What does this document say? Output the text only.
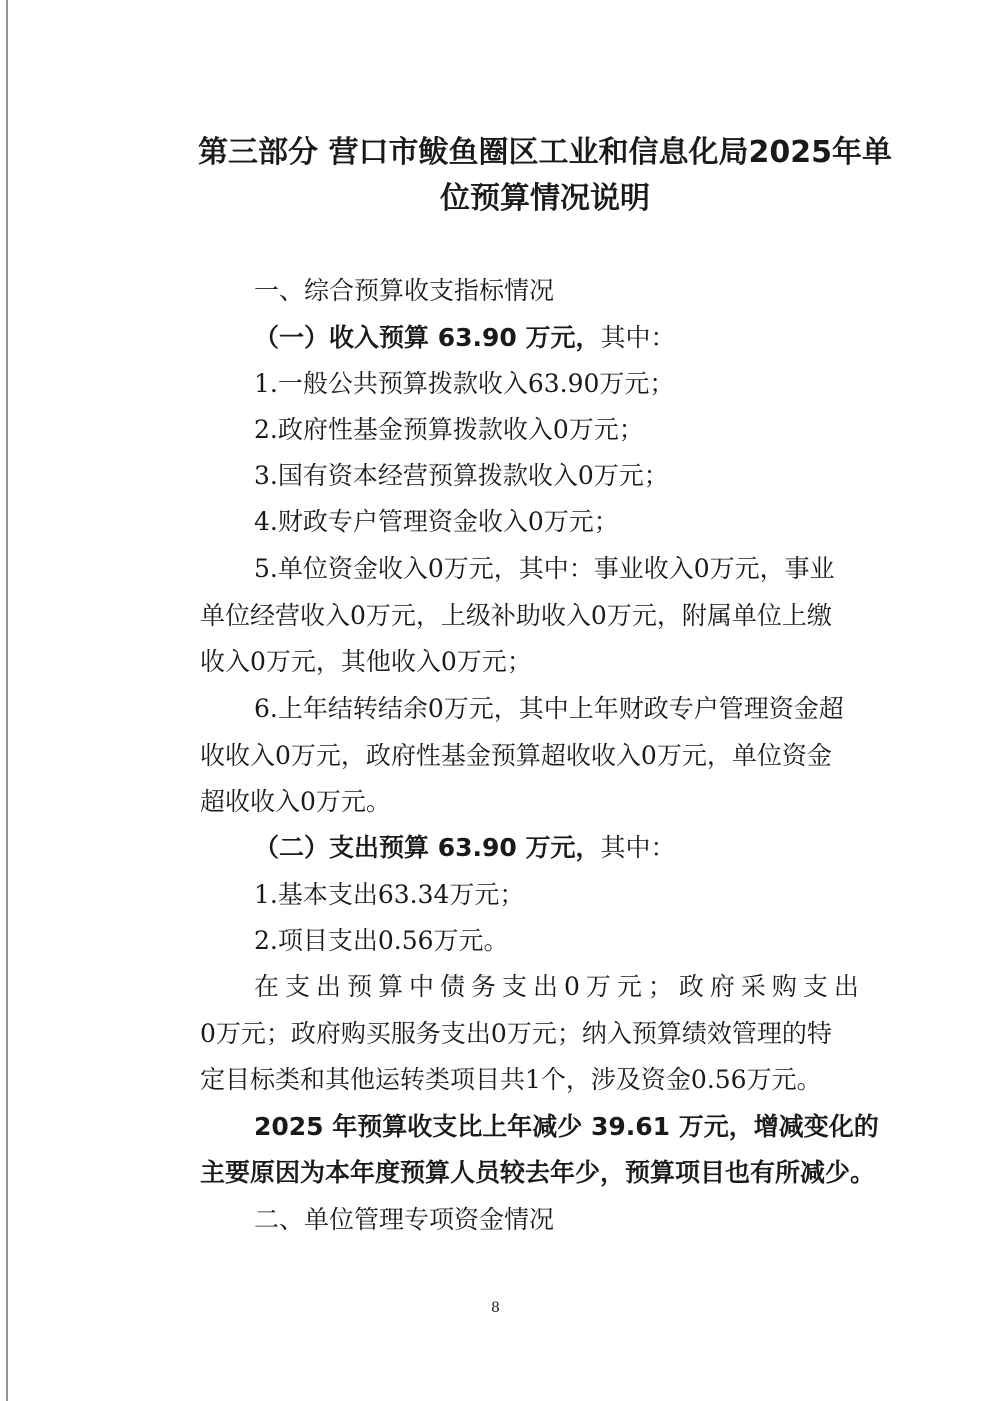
第三部分 营口市鲅鱼圈区工业和信息化局2025年单
位预算情况说明
一、综合预算收支指标情况
（一）收入预算 63.90 万元，其中：
1.一般公共预算拨款收入63.90万元；
2.政府性基金预算拨款收入0万元；
3.国有资本经营预算拨款收入0万元；
4.财政专户管理资金收入0万元；
5.单位资金收入0万元，其中：事业收入0万元，事业
单位经营收入0万元，上级补助收入0万元，附属单位上缴
收入0万元，其他收入0万元；
6.上年结转结余0万元，其中上年财政专户管理资金超
收收入0万元，政府性基金预算超收收入0万元，单位资金
超收收入0万元。
（二）支出预算 63.90 万元，其中：
1.基本支出63.34万元；
2.项目支出0.56万元。
在支出预算中债务支出0万元；政府采购支出
0万元；政府购买服务支出0万元；纳入预算绩效管理的特
定目标类和其他运转类项目共1个，涉及资金0.56万元。
2025 年预算收支比上年减少 39.61 万元，增减变化的
主要原因为本年度预算人员较去年少，预算项目也有所减少。
二、单位管理专项资金情况
8
